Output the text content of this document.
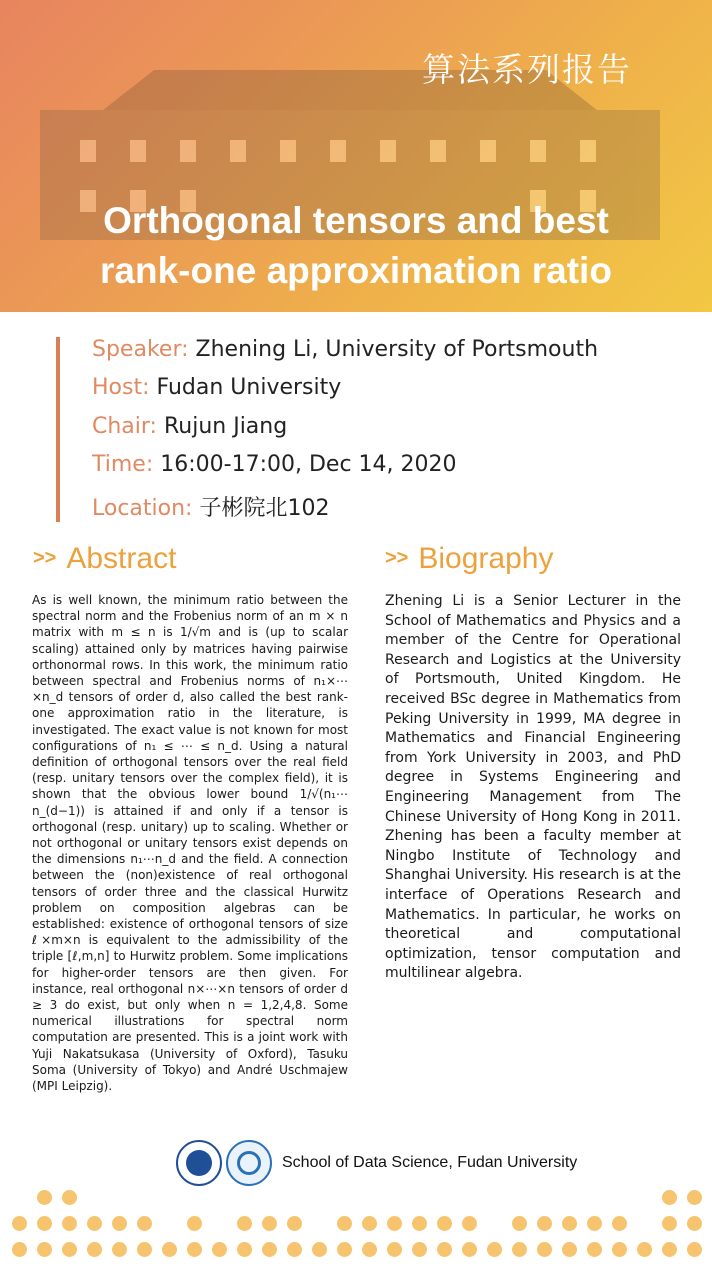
算法系列报告
Orthogonal tensors and best
rank-one approximation ratio
Speaker: Zhening Li, University of Portsmouth
Host: Fudan University
Chair: Rujun Jiang
Time: 16:00-17:00, Dec 14, 2020
Location: 子彬院北102
>> Abstract	>> Biography
As is well known, the minimum ratio between the spectral norm and the Frobenius norm of an m × n matrix with m ≤ n is 1/√m and is (up to scalar scaling) attained only by matrices having pairwise orthonormal rows. In this work, the minimum ratio between spectral and Frobenius norms of n₁×⋯×n_d tensors of order d, also called the best rank-one approximation ratio in the literature, is investigated. The exact value is not known for most configurations of n₁ ≤ ⋯ ≤ n_d. Using a natural definition of orthogonal tensors over the real field (resp. unitary tensors over the complex field), it is shown that the obvious lower bound 1/√(n₁⋯n_(d−1)) is attained if and only if a tensor is orthogonal (resp. unitary) up to scaling. Whether or not orthogonal or unitary tensors exist depends on the dimensions n₁⋯n_d and the field. A connection between the (non)existence of real orthogonal tensors of order three and the classical Hurwitz problem on composition algebras can be established: existence of orthogonal tensors of size ℓ×m×n is equivalent to the admissibility of the triple [ℓ,m,n] to Hurwitz problem. Some implications for higher-order tensors are then given. For instance, real orthogonal n×⋯×n tensors of order d ≥ 3 do exist, but only when n = 1,2,4,8. Some numerical illustrations for spectral norm computation are presented. This is a joint work with Yuji Nakatsukasa (University of Oxford), Tasuku Soma (University of Tokyo) and André Uschmajew (MPI Leipzig).
Zhening Li is a Senior Lecturer in the School of Mathematics and Physics and a member of the Centre for Operational Research and Logistics at the University of Portsmouth, United Kingdom. He received BSc degree in Mathematics from Peking University in 1999, MA degree in Mathematics and Financial Engineering from York University in 2003, and PhD degree in Systems Engineering and Engineering Management from The Chinese University of Hong Kong in 2011. Zhening has been a faculty member at Ningbo Institute of Technology and Shanghai University. His research is at the interface of Operations Research and Mathematics. In particular, he works on theoretical and computational optimization, tensor computation and multilinear algebra.
School of Data Science, Fudan University
